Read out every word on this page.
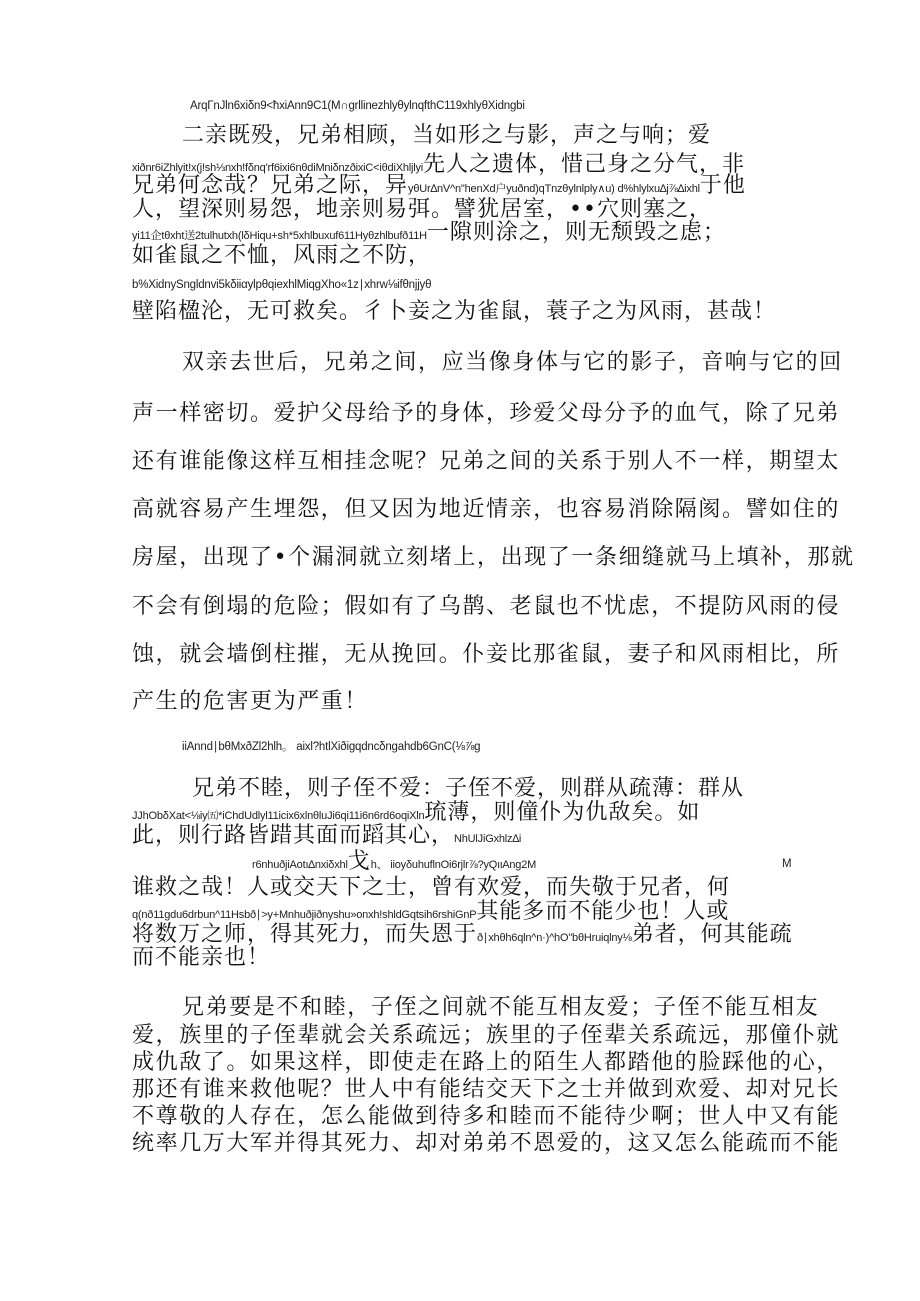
ArqΓnJln6xiδn9<ħxiAnn9C1(M∩grllinezhlyθylnqfthC119xhlyθXidngbi
二亲既殁，兄弟相顾，当如形之与影，声之与响；爱
xiðnr6iZhlyit!x(j!sh⅓nxh!fδnq'rf6ixi6nθdiMniδnzðixiC<iθdiXhljlyi先人之遗体，惜己身之分气，非
兄弟何念哉？兄弟之际，异yθUr∆nV^n"henXd户yuðnd)qTnzθylnlply∧u) d%hlylxu∆j⅞∆ixhl于他
人，望深则易怨，地亲则易弭。譬犹居室，••穴则塞之，
yi11企tθxht送2tulhutxh(lδHiqu+sh*5xhlbuxuf611Hyθzhlbufð11H一隙则涂之，则无颓毁之虑；
如雀鼠之不恤，风雨之不防，
b%XidnySngldnvi5kδiiαylpθqiexhlMiqgXho«1z∣xhrw⅛ifθnjjyθ
壁陷楹沦，无可救矣。彳卜妾之为雀鼠，蓑子之为风雨，甚哉！
双亲去世后，兄弟之间，应当像身体与它的影子，音响与它的回
声一样密切。爱护父母给予的身体，珍爱父母分予的血气，除了兄弟
还有谁能像这样互相挂念呢？兄弟之间的关系于别人不一样，期望太
高就容易产生埋怨，但又因为地近情亲，也容易消除隔阂。譬如住的
房屋，出现了•个漏洞就立刻堵上，出现了一条细缝就马上填补，那就
不会有倒塌的危险；假如有了乌鹊、老鼠也不忧虑，不提防风雨的侵
蚀，就会墙倒柱摧，无从挽回。仆妾比那雀鼠，妻子和风雨相比，所
产生的危害更为严重！
iiAnnd∣bθMxðZl2hlh。 aixl?htlXiðigqdncδngahdb6GnC(⅛⅞g
兄弟不睦，则子侄不爱：子侄不爱，则群从疏薄：群从
JJhObδXat<⅛iy㈤*iChdUdlyl11icix6xlnθluJi6qi11i6n6rd6oqiXln琉薄，则僮仆为仇敌矣。如
此，则行路皆踖其面而蹈其心，NhUlJiGxhlz∆i
r6nhuðjiAotı∆nxiδxhl戈h、 iioyδuhuflnOi6rjlr⅞?yQıιAng2M	M
谁救之哉！人或交天下之士，曾有欢爱，而失敬于兄者，何
q(nð11gdu6drbun^11Hsbð∣>y+Mnhuðjiðnyshu»onxh!shldGqtsih6rshiGnP其能多而不能少也！人或
将数万之师，得其死力，而失恩于ð∣xhθh6qln^n·)^hO"bθHruiqlny⅛弟者，何其能疏
而不能亲也！
兄弟要是不和睦，子侄之间就不能互相友爱；子侄不能互相友
爱，族里的子侄辈就会关系疏远；族里的子侄辈关系疏远，那僮仆就
成仇敌了。如果这样，即使走在路上的陌生人都踏他的脸踩他的心，
那还有谁来救他呢？世人中有能结交天下之士并做到欢爱、却对兄长
不尊敬的人存在，怎么能做到待多和睦而不能待少啊；世人中又有能
统率几万大军并得其死力、却对弟弟不恩爱的，这又怎么能疏而不能
